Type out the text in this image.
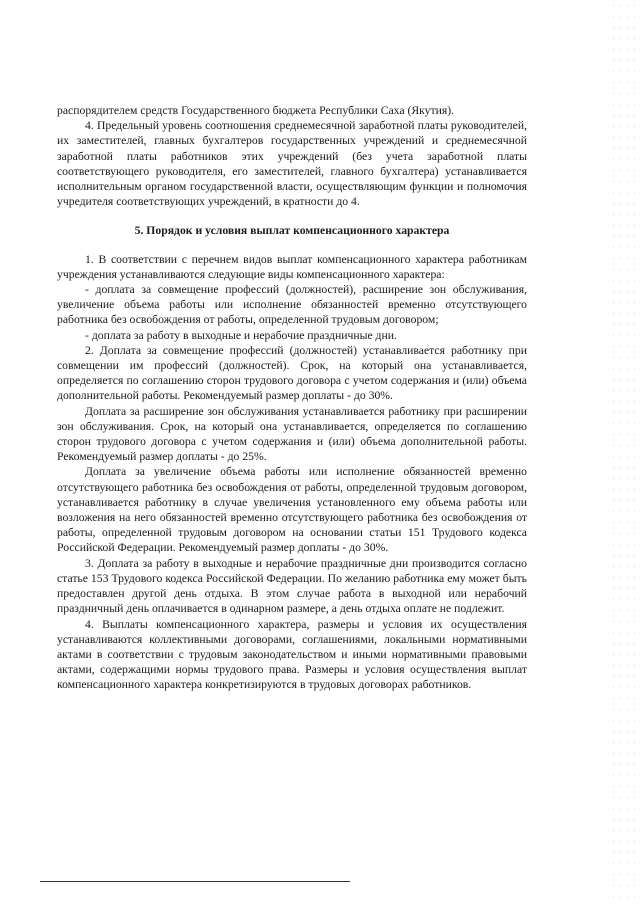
распорядителем средств Государственного бюджета Республики Саха (Якутия).

4. Предельный уровень соотношения среднемесячной заработной платы руководителей, их заместителей, главных бухгалтеров государственных учреждений и среднемесячной заработной платы работников этих учреждений (без учета заработной платы соответствующего руководителя, его заместителей, главного бухгалтера) устанавливается исполнительным органом государственной власти, осуществляющим функции и полномочия учредителя соответствующих учреждений, в кратности до 4.

5. Порядок и условия выплат компенсационного характера

1. В соответствии с перечнем видов выплат компенсационного характера работникам учреждения устанавливаются следующие виды компенсационного характера:

- доплата за совмещение профессий (должностей), расширение зон обслуживания, увеличение объема работы или исполнение обязанностей временно отсутствующего работника без освобождения от работы, определенной трудовым договором;

- доплата за работу в выходные и нерабочие праздничные дни.

2. Доплата за совмещение профессий (должностей) устанавливается работнику при совмещении им профессий (должностей). Срок, на который она устанавливается, определяется по соглашению сторон трудового договора с учетом содержания и (или) объема дополнительной работы. Рекомендуемый размер доплаты - до 30%.

Доплата за расширение зон обслуживания устанавливается работнику при расширении зон обслуживания. Срок, на который она устанавливается, определяется по соглашению сторон трудового договора с учетом содержания и (или) объема дополнительной работы. Рекомендуемый размер доплаты - до 25%.

Доплата за увеличение объема работы или исполнение обязанностей временно отсутствующего работника без освобождения от работы, определенной трудовым договором, устанавливается работнику в случае увеличения установленного ему объема работы или возложения на него обязанностей временно отсутствующего работника без освобождения от работы, определенной трудовым договором на основании статьи 151 Трудового кодекса Российской Федерации. Рекомендуемый размер доплаты - до 30%.

3. Доплата за работу в выходные и нерабочие праздничные дни производится согласно статье 153 Трудового кодекса Российской Федерации. По желанию работника ему может быть предоставлен другой день отдыха. В этом случае работа в выходной или нерабочий праздничный день оплачивается в одинарном размере, а день отдыха оплате не подлежит.

4. Выплаты компенсационного характера, размеры и условия их осуществления устанавливаются коллективными договорами, соглашениями, локальными нормативными актами в соответствии с трудовым законодательством и иными нормативными правовыми актами, содержащими нормы трудового права. Размеры и условия осуществления выплат компенсационного характера конкретизируются в трудовых договорах работников.
